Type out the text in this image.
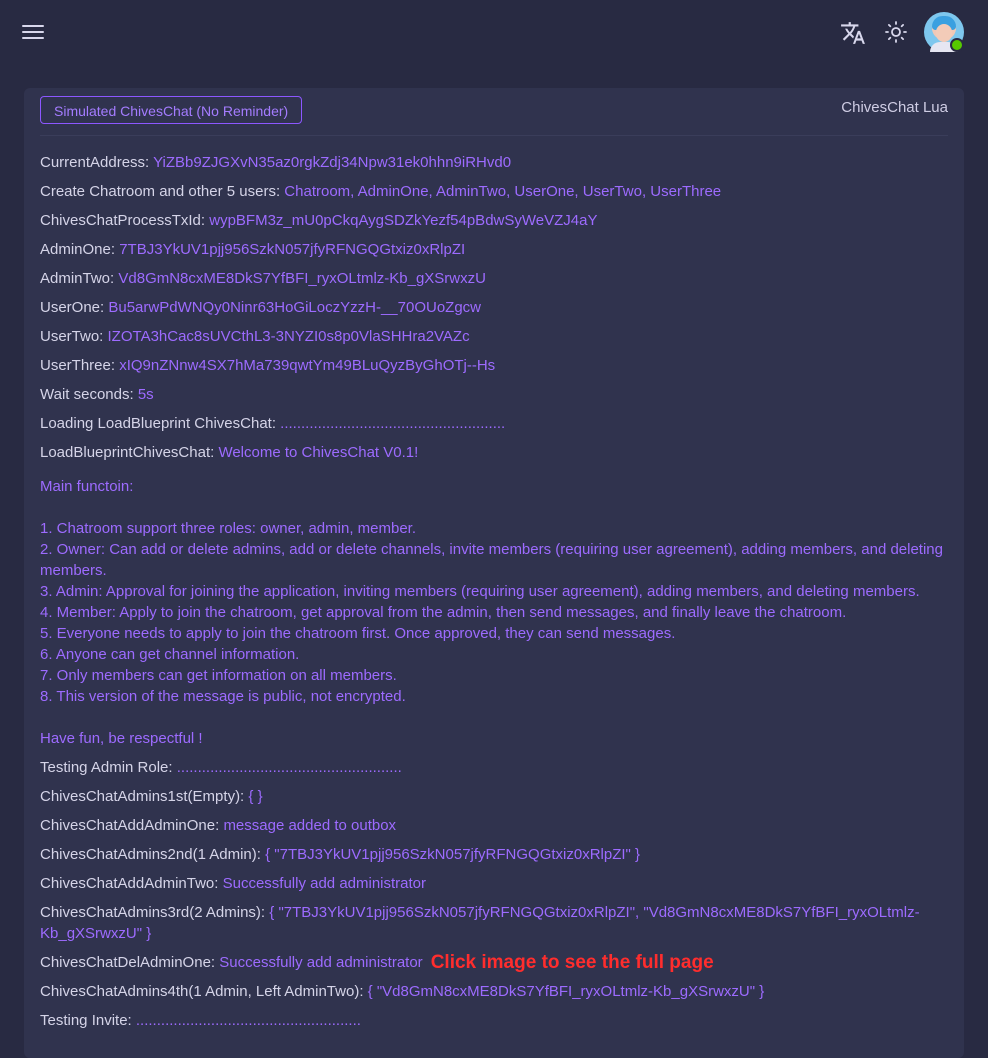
Simulated ChivesChat (No Reminder)	ChivesChat Lua
CurrentAddress: YiZBb9ZJGXvN35az0rgkZdj34Npw31ek0hhn9iRHvd0
Create Chatroom and other 5 users: Chatroom, AdminOne, AdminTwo, UserOne, UserTwo, UserThree
ChivesChatProcessTxId: wypBFM3z_mU0pCkqAygSDZkYezf54pBdwSyWeVZJ4aY
AdminOne: 7TBJ3YkUV1pjj956SzkN057jfyRFNGQGtxiz0xRlpZI
AdminTwo: Vd8GmN8cxME8DkS7YfBFI_ryxOLtmlz-Kb_gXSrwxzU
UserOne: Bu5arwPdWNQy0Ninr63HoGiLoczYzzH-__70OUoZgcw
UserTwo: IZOTA3hCac8sUVCthL3-3NYZI0s8p0VlaSHHra2VAZc
UserThree: xIQ9nZNnw4SX7hMa739qwtYm49BLuQyzByGhOTj--Hs
Wait seconds: 5s
Loading LoadBlueprint ChivesChat: ......................................................
LoadBlueprintChivesChat: Welcome to ChivesChat V0.1!
Main functoin:
1. Chatroom support three roles: owner, admin, member.
2. Owner: Can add or delete admins, add or delete channels, invite members (requiring user agreement), adding members, and deleting members.
3. Admin: Approval for joining the application, inviting members (requiring user agreement), adding members, and deleting members.
4. Member: Apply to join the chatroom, get approval from the admin, then send messages, and finally leave the chatroom.
5. Everyone needs to apply to join the chatroom first. Once approved, they can send messages.
6. Anyone can get channel information.
7. Only members can get information on all members.
8. This version of the message is public, not encrypted.
Have fun, be respectful !
Testing Admin Role: ......................................................
ChivesChatAdmins1st(Empty): { }
ChivesChatAddAdminOne: message added to outbox
ChivesChatAdmins2nd(1 Admin): { "7TBJ3YkUV1pjj956SzkN057jfyRFNGQGtxiz0xRlpZI" }
ChivesChatAddAdminTwo: Successfully add administrator
ChivesChatAdmins3rd(2 Admins): { "7TBJ3YkUV1pjj956SzkN057jfyRFNGQGtxiz0xRlpZI", "Vd8GmN8cxME8DkS7YfBFI_ryxOLtmlz-Kb_gXSrwxzU" }
ChivesChatDelAdminOne: Successfully add administrator Click image to see the full page
ChivesChatAdmins4th(1 Admin, Left AdminTwo): { "Vd8GmN8cxME8DkS7YfBFI_ryxOLtmlz-Kb_gXSrwxzU" }
Testing Invite: ......................................................
